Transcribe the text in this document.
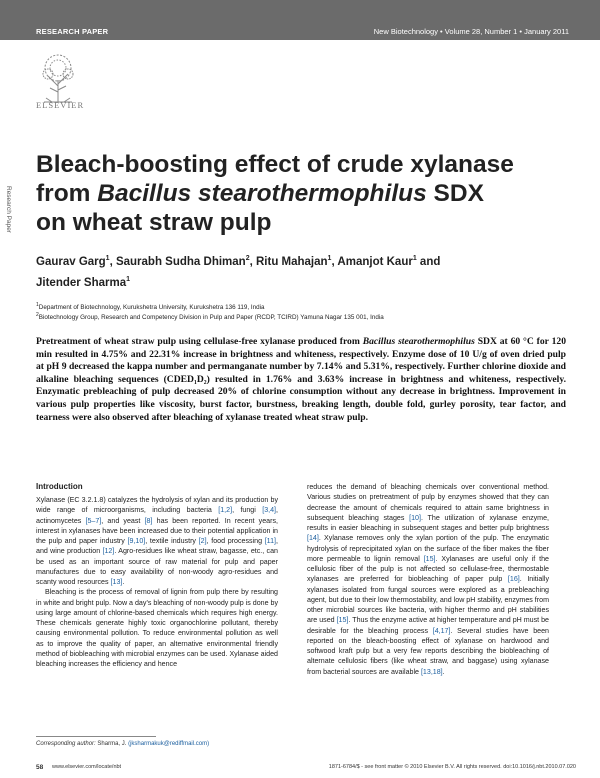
RESEARCH PAPER	New Biotechnology • Volume 28, Number 1 • January 2011
ELSEVIER
Research Paper
Bleach-boosting effect of crude xylanase
from Bacillus stearothermophilus SDX
on wheat straw pulp
Gaurav Garg$^1$, Saurabh Sudha Dhiman$^2$, Ritu Mahajan$^1$, Amanjot Kaur$^1$ and
Jitender Sharma$^1$
$^1$Department of Biotechnology, Kurukshetra University, Kurukshetra 136 119, India
$^2$Biotechnology Group, Research and Competency Division in Pulp and Paper (RCDP, TCIRD) Yamuna Nagar 135 001, India
Pretreatment of wheat straw pulp using cellulase-free xylanase produced from Bacillus stearothermophilus SDX at 60 °C for 120 min resulted in 4.75% and 22.31% increase in brightness and whiteness, respectively. Enzyme dose of 10 U/g of oven dried pulp at pH 9 decreased the kappa number and permanganate number by 7.14% and 5.31%, respectively. Further chlorine dioxide and alkaline bleaching sequences (CDED₁D₂) resulted in 1.76% and 3.63% increase in brightness and whiteness, respectively. Enzymatic prebleaching of pulp decreased 20% of chlorine consumption without any decrease in brightness. Improvement in various pulp properties like viscosity, burst factor, burstness, breaking length, double fold, gurley porosity, tear factor, and tearness were also observed after bleaching of xylanase treated wheat straw pulp.
Introduction

Xylanase (EC 3.2.1.8) catalyzes the hydrolysis of xylan and its production by wide range of microorganisms, including bacteria [1,2], fungi [3,4], actinomycetes [5–7], and yeast [8] has been reported. In recent years, interest in xylanases have been increased due to their potential application in the pulp and paper industry [9,10], textile industry [2], food processing [11], and wine production [12]. Agro-residues like wheat straw, bagasse, etc., can be used as an important source of raw material for pulp and paper manufactures due to easy availability of non-woody agro-residues and scanty wood resources [13].

Bleaching is the process of removal of lignin from pulp there by resulting in white and bright pulp. Now a day’s bleaching of non-woody pulp is done by using large amount of chlorine-based chemicals which requires high energy. These chemicals generate highly toxic organochlorine pollutant, thereby causing environmental pollution. To reduce environmental pollution as well as to improve the quality of paper, an alternative environmental friendly method of biobleaching with microbial enzymes can be used. Xylanase aided bleaching increases the efficiency and hence

reduces the demand of bleaching chemicals over conventional method. Various studies on pretreatment of pulp by enzymes showed that they can decrease the amount of chemicals required to attain same brightness in subsequent bleaching stages [10]. The utilization of xylanase enzyme, results in easier bleaching in subsequent stages and better pulp brightness [14]. Xylanase removes only the xylan portion of the pulp. The enzymatic hydrolysis of reprecipitated xylan on the surface of the fiber makes the fiber more permeable to lignin removal [15]. Xylanases are useful only if the cellulosic fiber of the pulp is not affected so cellulase-free, thermostable xylanases are preferred for biobleaching of paper pulp [16]. Initially xylanases isolated from fungal sources were explored as a prebleaching agent, but due to their low thermostability, and low pH stability, enzymes from other microbial sources like bacteria, with higher thermo and pH stabilities are used [15]. Thus the enzyme active at higher temperature and pH must be desirable for the bleaching process [4,17]. Several studies have been reported on the bleach-boosting effect of xylanase on hardwood and softwood kraft pulp but a very few reports describing the biobleaching of alternate cellulosic fibers (like wheat straw, and baggase) using xylanase from bacterial sources are available [13,18].

Corresponding author: Sharma, J. (jksharmakuk@rediffmail.com)
58 www.elsevier.com/locate/nbt	1871-6784/$ - see front matter © 2010 Elsevier B.V. All rights reserved. doi:10.1016/j.nbt.2010.07.020
